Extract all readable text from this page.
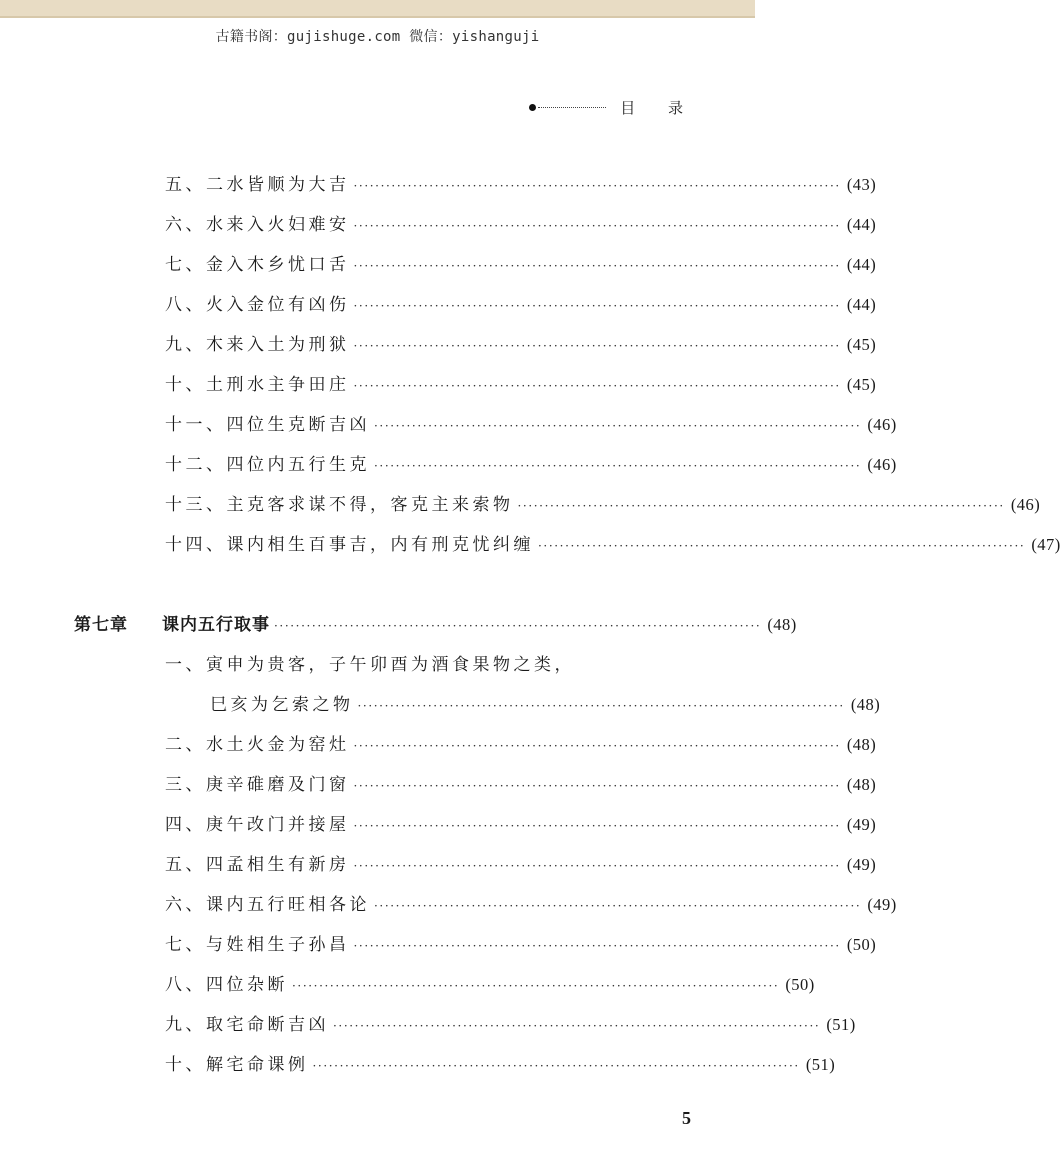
古籍书阁：gujishuge.com 微信：yishanguji
目 录
五、二水皆顺为大吉 ·························································································· (43)
六、水来入火妇难安 ·························································································· (44)
七、金入木乡忧口舌 ·························································································· (44)
八、火入金位有凶伤 ·························································································· (44)
九、木来入土为刑狱 ·························································································· (45)
十、土刑水主争田庄 ·························································································· (45)
十一、四位生克断吉凶 ·························································································· (46)
十二、四位内五行生克 ·························································································· (46)
十三、主克客求谋不得，客克主来索物 ·························································································· (46)
十四、课内相生百事吉，内有刑克忧纠缠 ·························································································· (47)
第七章	课内五行取事 ·························································································· (48)
一、寅申为贵客，子午卯酉为酒食果物之类，
巳亥为乞索之物 ·························································································· (48)
二、水土火金为窑灶 ·························································································· (48)
三、庚辛碓磨及门窗 ·························································································· (48)
四、庚午改门并接屋 ·························································································· (49)
五、四孟相生有新房 ·························································································· (49)
六、课内五行旺相各论 ·························································································· (49)
七、与姓相生子孙昌 ·························································································· (50)
八、四位杂断 ·························································································· (50)
九、取宅命断吉凶 ·························································································· (51)
十、解宅命课例 ·························································································· (51)
5
